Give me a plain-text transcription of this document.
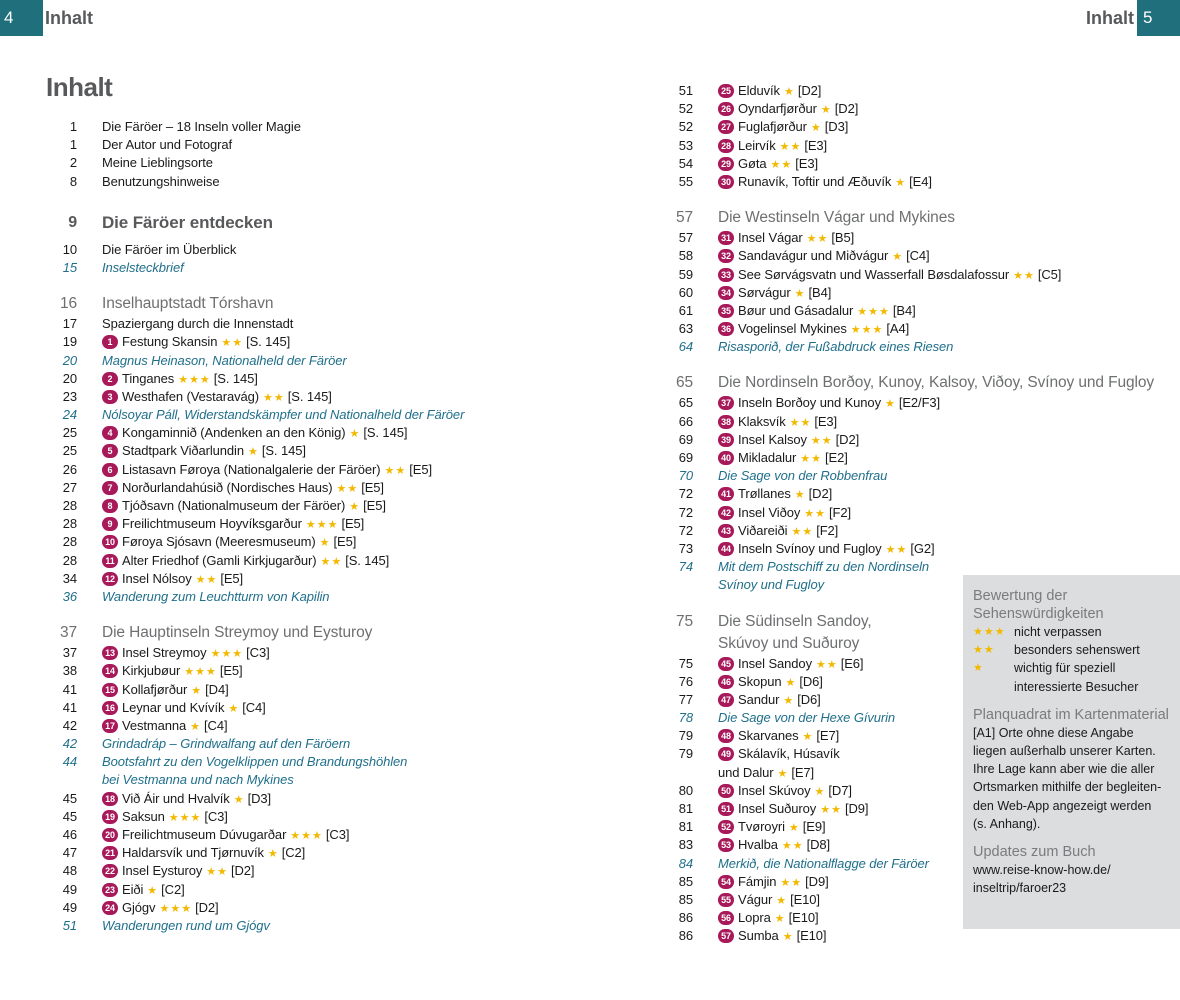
4	Inhalt	Inhalt 5
Inhalt
1 Die Färöer – 18 Inseln voller Magie
1 Der Autor und Fotograf
2 Meine Lieblingsorte
8 Benutzungshinweise
9 Die Färöer entdecken
10 Die Färöer im Überblick
15 Inselsteckbrief
16 Inselhauptstadt Tórshavn
17 Spaziergang durch die Innenstadt
19	1 Festung Skansin ★★ [S. 145]
20 Magnus Heinason, Nationalheld der Färöer
20	2 Tinganes ★★★ [S. 145]
23	3 Westhafen (Vestaravág) ★★ [S. 145]
24 Nólsoyar Páll, Widerstandskämpfer und Nationalheld der Färöer
25	4 Kongaminnið (Andenken an den König) ★ [S. 145]
25	5 Stadtpark Viðarlundin ★ [S. 145]
26	6 Listasavn Føroya (Nationalgalerie der Färöer) ★★ [E5]
27	7 Norðurlandahúsið (Nordisches Haus) ★★ [E5]
28	8 Tjóðsavn (Nationalmuseum der Färöer) ★ [E5]
28	9 Freilichtmuseum Hoyvíksgarður ★★★ [E5]
28	10 Føroya Sjósavn (Meeresmuseum) ★ [E5]
28	11 Alter Friedhof (Gamli Kirkjugarður) ★★ [S. 145]
34	12 Insel Nólsoy ★★ [E5]
36 Wanderung zum Leuchtturm von Kapilin
37 Die Hauptinseln Streymoy und Eysturoy
37	13 Insel Streymoy ★★★ [C3]
38	14 Kirkjubøur ★★★ [E5]
41	15 Kollafjørður ★ [D4]
41	16 Leynar und Kvívík ★ [C4]
42	17 Vestmanna ★ [C4]
42 Grindadráp – Grindwalfang auf den Färöern
44 Bootsfahrt zu den Vogelklippen und Brandungshöhlen
bei Vestmanna und nach Mykines
45	18 Við Áir und Hvalvík ★ [D3]
45	19 Saksun ★★★ [C3]
46	20 Freilichtmuseum Dúvugarðar ★★★ [C3]
47	21 Haldarsvík und Tjørnuvík ★ [C2]
48	22 Insel Eysturoy ★★ [D2]
49	23 Eiði ★ [C2]
49	24 Gjógv ★★★ [D2]
51 Wanderungen rund um Gjógv
51	25 Elduvík ★ [D2]
52	26 Oyndarfjørður ★ [D2]
52	27 Fuglafjørður ★ [D3]
53	28 Leirvík ★★ [E3]
54	29 Gøta ★★ [E3]
55	30 Runavík, Toftir und Æðuvík ★ [E4]
57 Die Westinseln Vágar und Mykines
57	31 Insel Vágar ★★ [B5]
58	32 Sandavágur und Miðvágur ★ [C4]
59	33 See Sørvágsvatn und Wasserfall Bøsdalafossur ★★ [C5]
60	34 Sørvágur ★ [B4]
61	35 Bøur und Gásadalur ★★★ [B4]
63	36 Vogelinsel Mykines ★★★ [A4]
64 Risasporið, der Fußabdruck eines Riesen
65 Die Nordinseln Borðoy, Kunoy, Kalsoy, Viðoy, Svínoy und Fugloy
65	37 Inseln Borðoy und Kunoy ★ [E2/F3]
66	38 Klaksvík ★★ [E3]
69	39 Insel Kalsoy ★★ [D2]
69	40 Mikladalur ★★ [E2]
70 Die Sage von der Robbenfrau
72	41 Trøllanes ★ [D2]
72	42 Insel Viðoy ★★ [F2]
72	43 Viðareiði ★★ [F2]
73	44 Inseln Svínoy und Fugloy ★★ [G2]
74 Mit dem Postschiff zu den Nordinseln
Svínoy und Fugloy
75 Die Südinseln Sandoy,
Skúvoy und Suðuroy
75	45 Insel Sandoy ★★ [E6]
76	46 Skopun ★ [D6]
77	47 Sandur ★ [D6]
78 Die Sage von der Hexe Gívurin
79	48 Skarvanes ★ [E7]
79	49 Skálavík, Húsavík
und Dalur ★ [E7]
80	50 Insel Skúvoy ★ [D7]
81	51 Insel Suðuroy ★★ [D9]
81	52 Tvøroyri ★ [E9]
83	53 Hvalba ★★ [D8]
84 Merkið, die Nationalflagge der Färöer
85	54 Fámjin ★★ [D9]
85	55 Vágur ★ [E10]
86	56 Lopra ★ [E10]
86	57 Sumba ★ [E10]
Bewertung der
Sehenswürdigkeiten
★★★ nicht verpassen
★★	besonders sehenswert
★	wichtig für speziell
interessierte Besucher
Planquadrat im Kartenmaterial
[A1] Orte ohne diese Angabe
liegen außerhalb unserer Karten.
Ihre Lage kann aber wie die aller
Ortsmarken mithilfe der begleiten-
den Web-App angezeigt werden
(s. Anhang).
Updates zum Buch
www.reise-know-how.de/
inseltrip/faroer23
